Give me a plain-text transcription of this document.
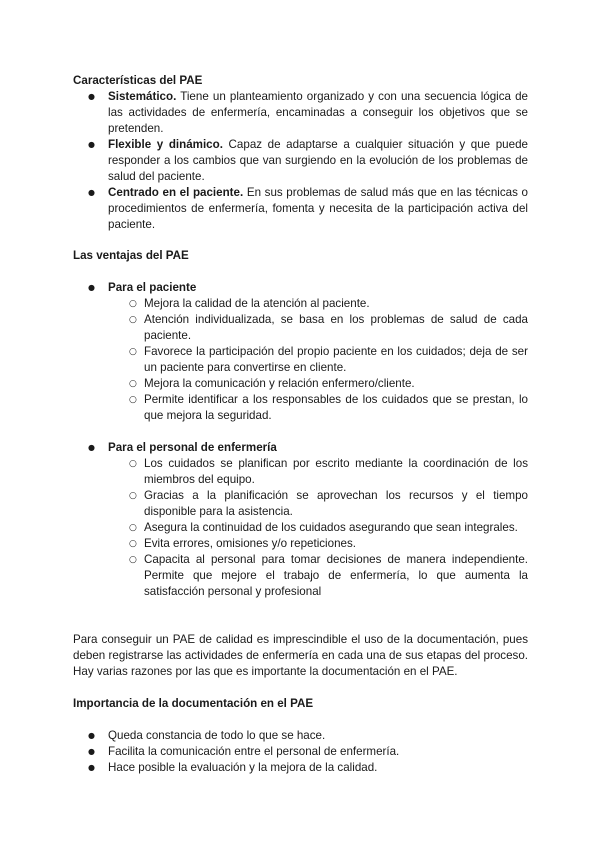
Características del PAE
● Sistemático. Tiene un planteamiento organizado y con una secuencia lógica de las actividades de enfermería, encaminadas a conseguir los objetivos que se pretenden.
● Flexible y dinámico. Capaz de adaptarse a cualquier situación y que puede responder a los cambios que van surgiendo en la evolución de los problemas de salud del paciente.
● Centrado en el paciente. En sus problemas de salud más que en las técnicas o procedimientos de enfermería, fomenta y necesita de la participación activa del paciente.
Las ventajas del PAE
● Para el paciente
○ Mejora la calidad de la atención al paciente.
○ Atención individualizada, se basa en los problemas de salud de cada paciente.
○ Favorece la participación del propio paciente en los cuidados; deja de ser un paciente para convertirse en cliente.
○ Mejora la comunicación y relación enfermero/cliente.
○ Permite identificar a los responsables de los cuidados que se prestan, lo que mejora la seguridad.
● Para el personal de enfermería
○ Los cuidados se planifican por escrito mediante la coordinación de los miembros del equipo.
○ Gracias a la planificación se aprovechan los recursos y el tiempo disponible para la asistencia.
○ Asegura la continuidad de los cuidados asegurando que sean integrales.
○ Evita errores, omisiones y/o repeticiones.
○ Capacita al personal para tomar decisiones de manera independiente. Permite que mejore el trabajo de enfermería, lo que aumenta la satisfacción personal y profesional
Para conseguir un PAE de calidad es imprescindible el uso de la documentación, pues deben registrarse las actividades de enfermería en cada una de sus etapas del proceso. Hay varias razones por las que es importante la documentación en el PAE.
Importancia de la documentación en el PAE
● Queda constancia de todo lo que se hace.
● Facilita la comunicación entre el personal de enfermería.
● Hace posible la evaluación y la mejora de la calidad.
